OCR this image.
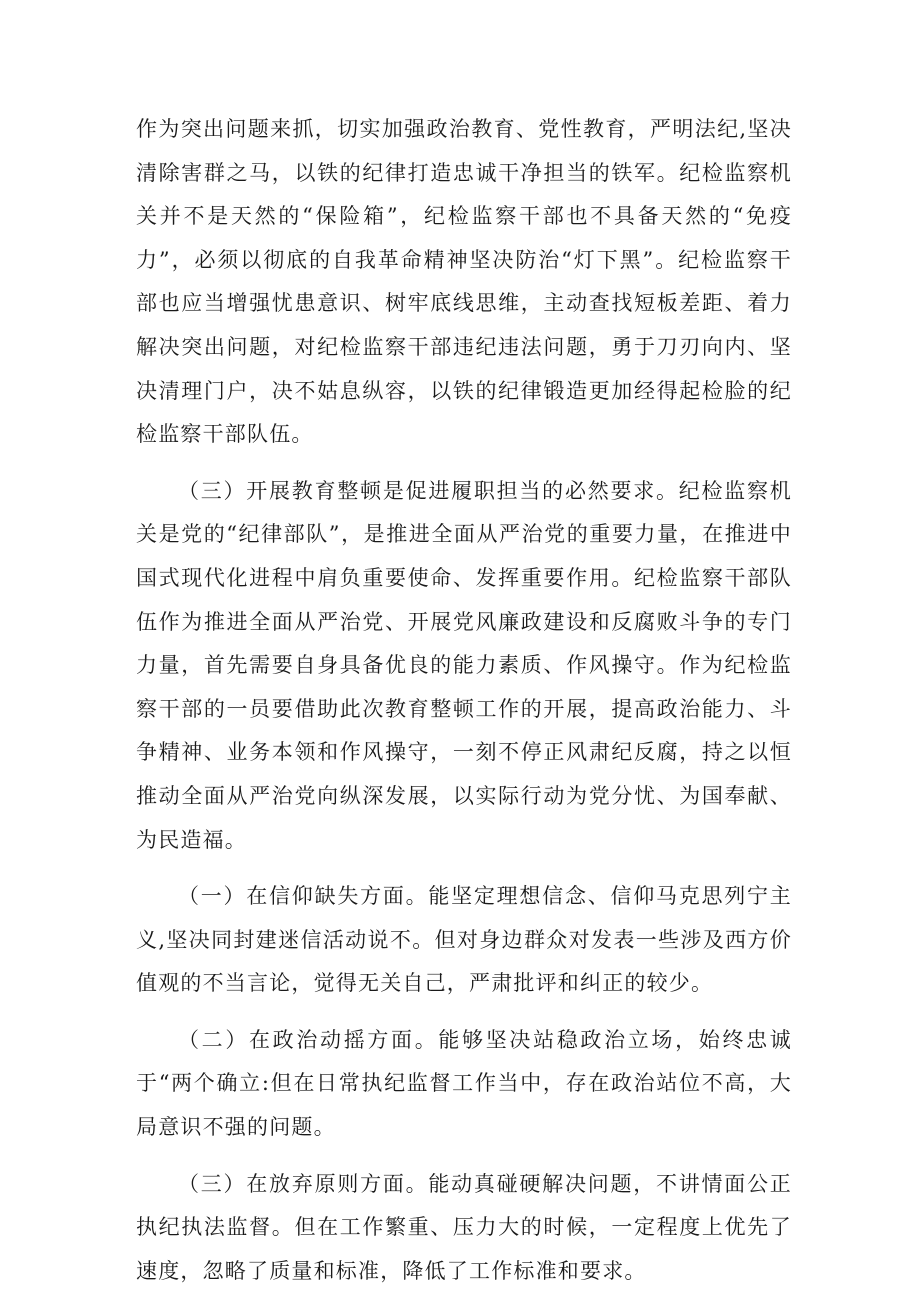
作为突出问题来抓，切实加强政治教育、党性教育，严明法纪,坚决清除害群之马，以铁的纪律打造忠诚干净担当的铁军。纪检监察机关并不是天然的“保险箱”，纪检监察干部也不具备天然的“免疫力”，必须以彻底的自我革命精神坚决防治“灯下黑”。纪检监察干部也应当增强忧患意识、树牢底线思维，主动查找短板差距、着力解决突出问题，对纪检监察干部违纪违法问题，勇于刀刃向内、坚决清理门户，决不姑息纵容，以铁的纪律锻造更加经得起检脸的纪检监察干部队伍。

（三）开展教育整顿是促进履职担当的必然要求。纪检监察机关是党的“纪律部队”，是推进全面从严治党的重要力量，在推进中国式现代化进程中肩负重要使命、发挥重要作用。纪检监察干部队伍作为推进全面从严治党、开展党风廉政建设和反腐败斗争的专门力量，首先需要自身具备优良的能力素质、作风操守。作为纪检监察干部的一员要借助此次教育整顿工作的开展，提高政治能力、斗争精神、业务本领和作风操守，一刻不停正风肃纪反腐，持之以恒推动全面从严治党向纵深发展，以实际行动为党分忧、为国奉献、为民造福。

（一）在信仰缺失方面。能坚定理想信念、信仰马克思列宁主义,坚决同封建迷信活动说不。但对身边群众对发表一些涉及西方价值观的不当言论，觉得无关自己，严肃批评和纠正的较少。

（二）在政治动摇方面。能够坚决站稳政治立场，始终忠诚于“两个确立:但在日常执纪监督工作当中，存在政治站位不高，大局意识不强的问题。

（三）在放弃原则方面。能动真碰硬解决问题，不讲情面公正执纪执法监督。但在工作繁重、压力大的时候，一定程度上优先了速度，忽略了质量和标准，降低了工作标准和要求。
